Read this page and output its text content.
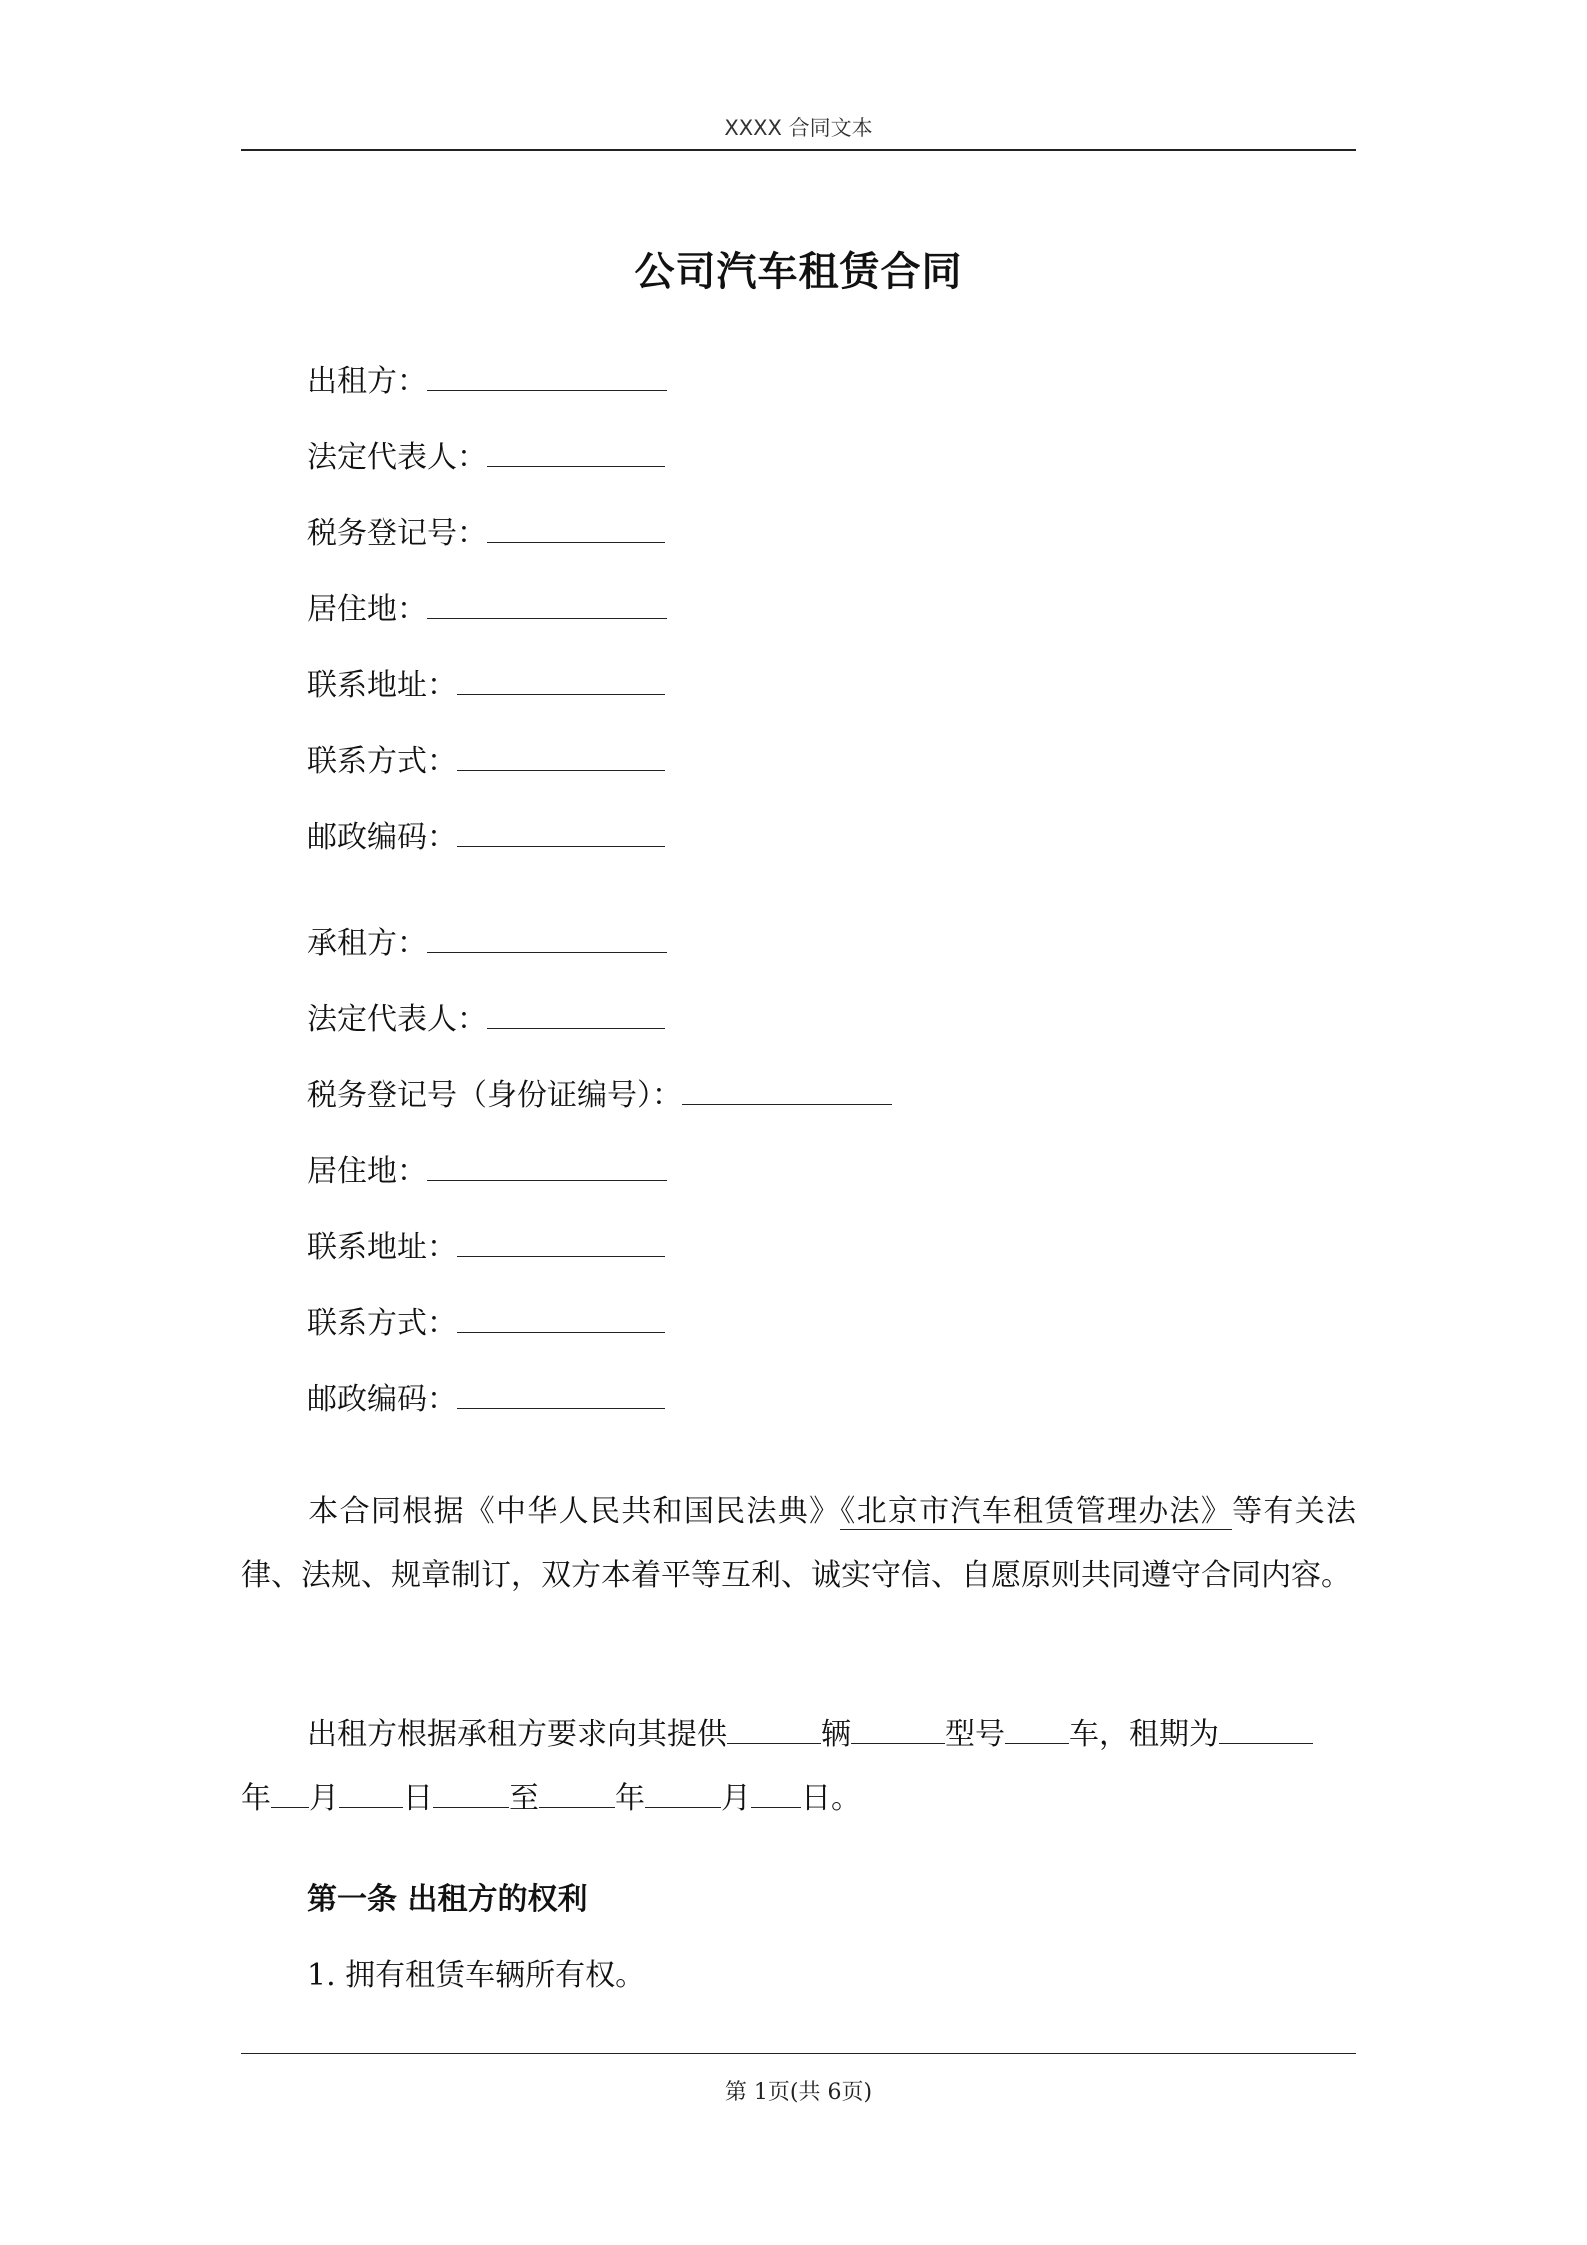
XXXX 合同文本
公司汽车租赁合同
出租方：
法定代表人：
税务登记号：
居住地：
联系地址：
联系方式：
邮政编码：
承租方：
法定代表人：
税务登记号（身份证编号）：
居住地：
联系地址：
联系方式：
邮政编码：
本合同根据《中华人民共和国民法典》《北京市汽车租赁管理办法》等有关法律、法规、规章制订，双方本着平等互利、诚实守信、自愿原则共同遵守合同内容。
出租方根据承租方要求向其提供	辆	型号 车，租期为
年 月 日	至	年	月 日。
第一条 出租方的权利
1. 拥有租赁车辆所有权。
第 1页(共 6页)
